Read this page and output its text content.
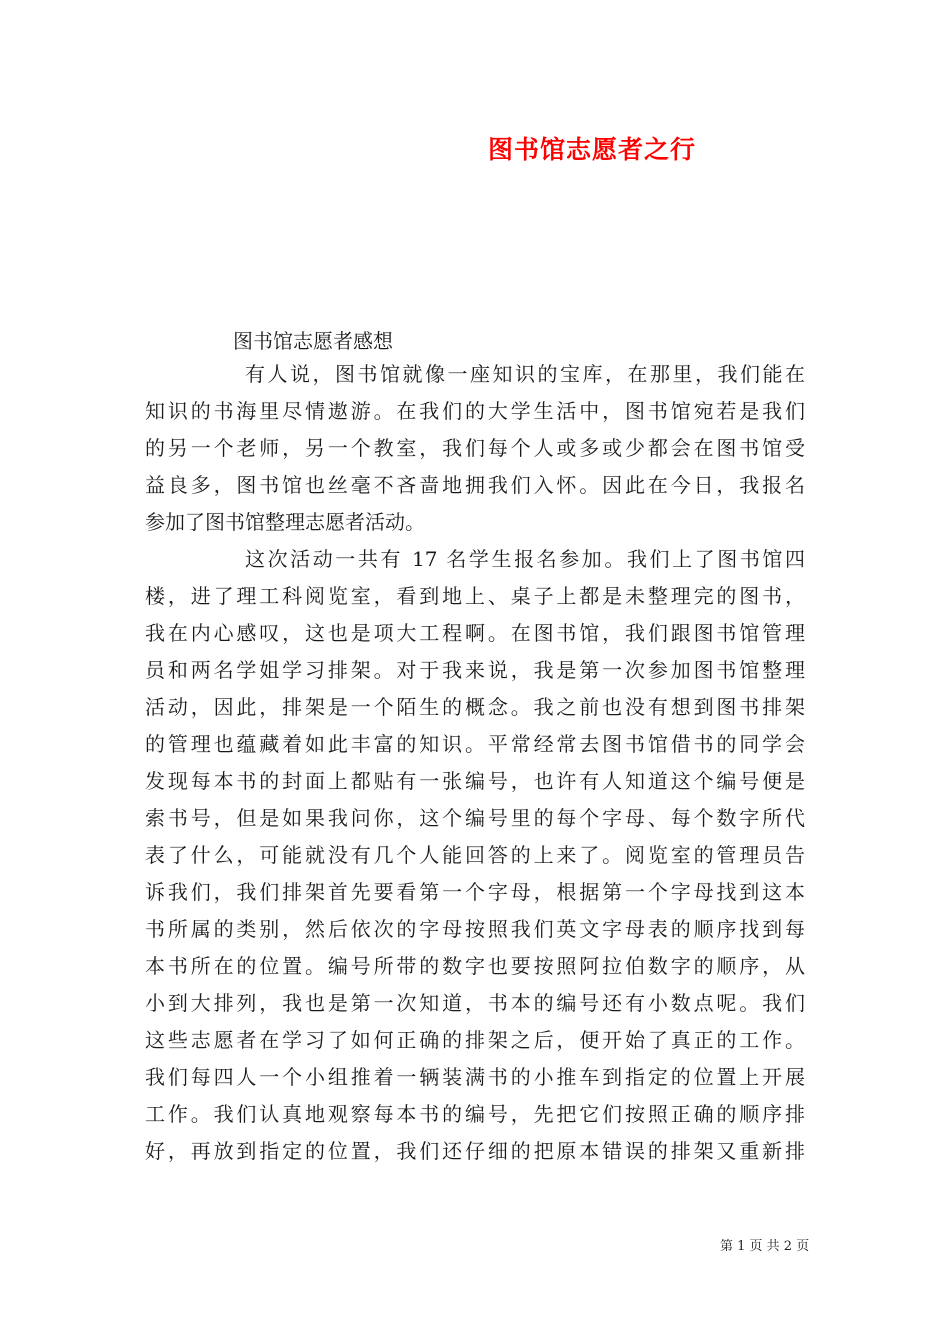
图书馆志愿者之行
图书馆志愿者感想
有人说，图书馆就像一座知识的宝库，在那里，我们能在
知识的书海里尽情遨游。在我们的大学生活中，图书馆宛若是我们
的另一个老师，另一个教室，我们每个人或多或少都会在图书馆受
益良多，图书馆也丝毫不吝啬地拥我们入怀。因此在今日，我报名
参加了图书馆整理志愿者活动。
这次活动一共有 17 名学生报名参加。我们上了图书馆四
楼，进了理工科阅览室，看到地上、桌子上都是未整理完的图书，
我在内心感叹，这也是项大工程啊。在图书馆，我们跟图书馆管理
员和两名学姐学习排架。对于我来说，我是第一次参加图书馆整理
活动，因此，排架是一个陌生的概念。我之前也没有想到图书排架
的管理也蕴藏着如此丰富的知识。平常经常去图书馆借书的同学会
发现每本书的封面上都贴有一张编号，也许有人知道这个编号便是
索书号，但是如果我问你，这个编号里的每个字母、每个数字所代
表了什么，可能就没有几个人能回答的上来了。阅览室的管理员告
诉我们，我们排架首先要看第一个字母，根据第一个字母找到这本
书所属的类别，然后依次的字母按照我们英文字母表的顺序找到每
本书所在的位置。编号所带的数字也要按照阿拉伯数字的顺序，从
小到大排列，我也是第一次知道，书本的编号还有小数点呢。我们
这些志愿者在学习了如何正确的排架之后，便开始了真正的工作。
我们每四人一个小组推着一辆装满书的小推车到指定的位置上开展
工作。我们认真地观察每本书的编号，先把它们按照正确的顺序排
好，再放到指定的位置，我们还仔细的把原本错误的排架又重新排
第 1 页 共 2 页
